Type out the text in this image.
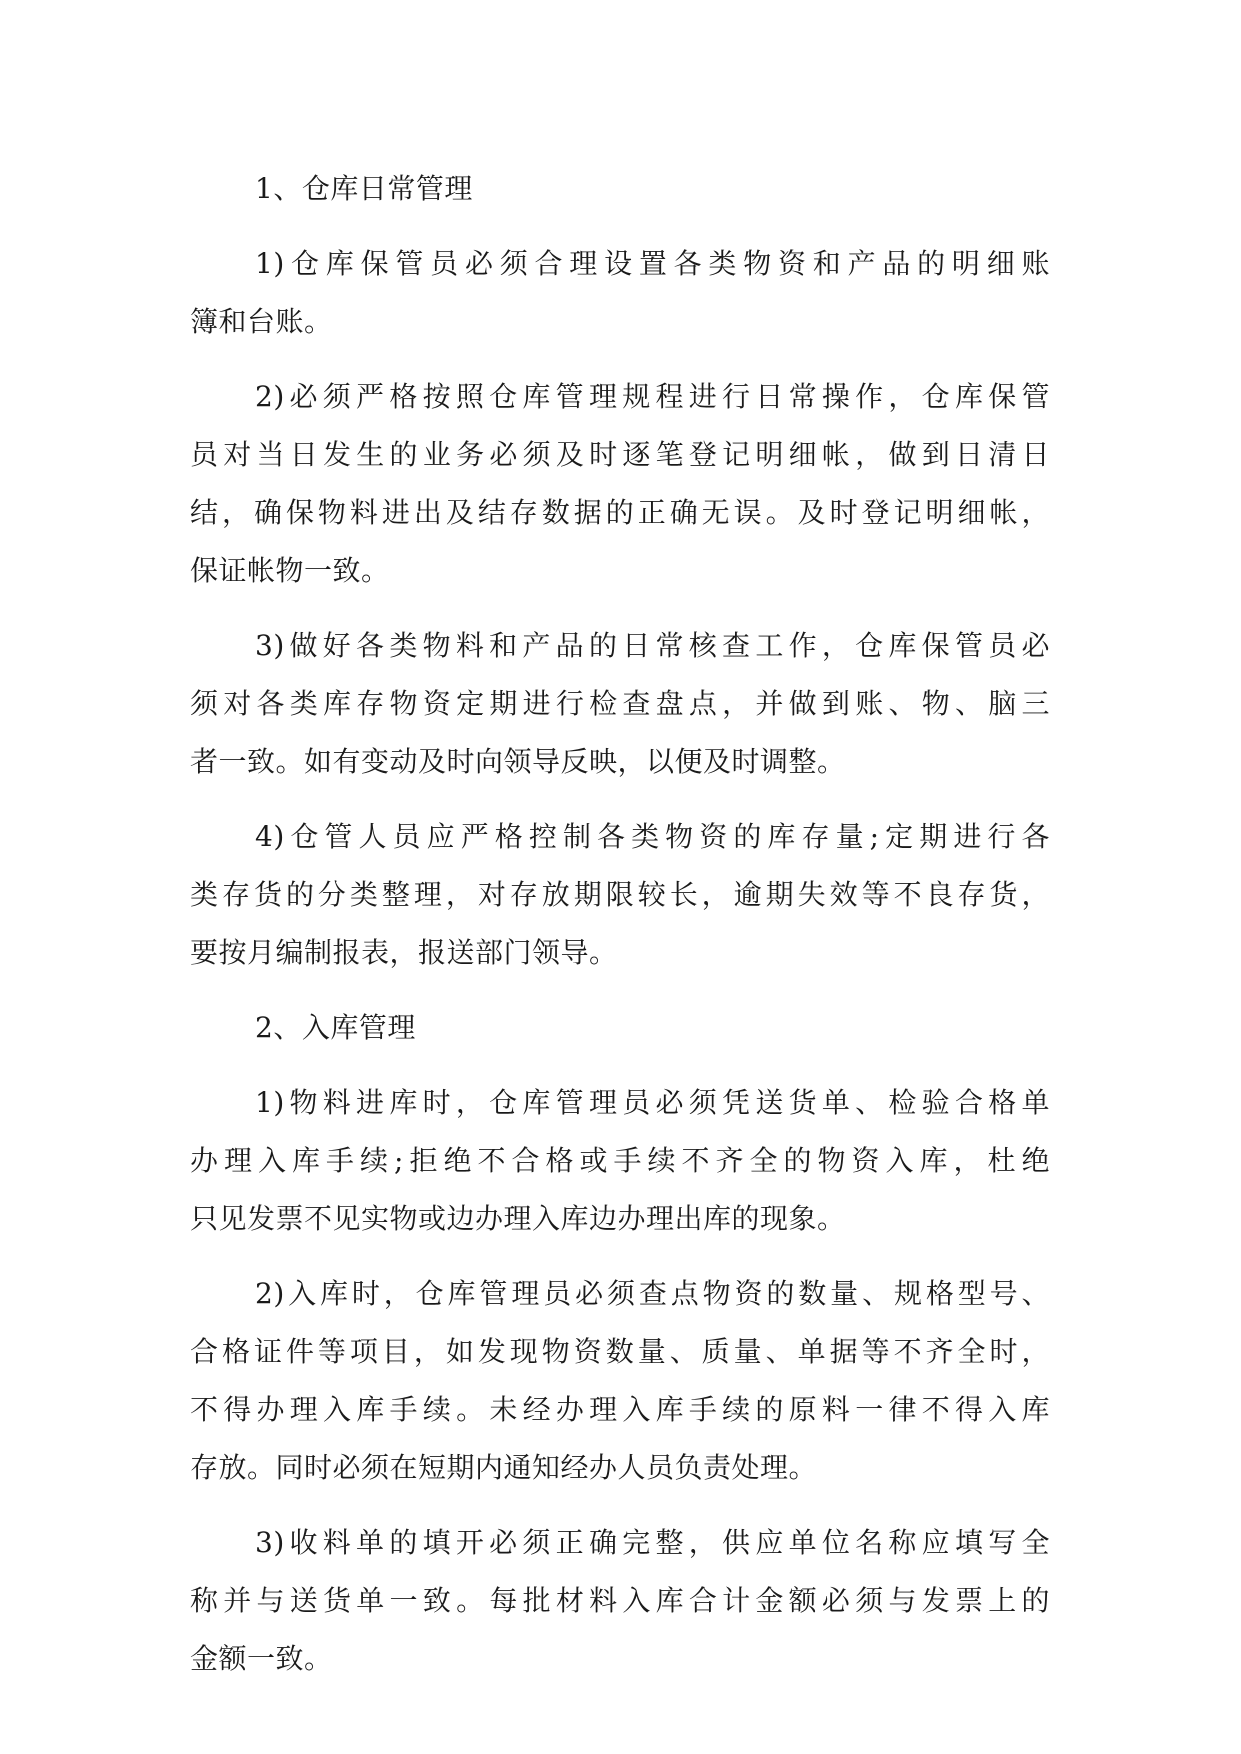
1、仓库日常管理
1)仓库保管员必须合理设置各类物资和产品的明细账
簿和台账。
2)必须严格按照仓库管理规程进行日常操作，仓库保管
员对当日发生的业务必须及时逐笔登记明细帐，做到日清日
结，确保物料进出及结存数据的正确无误。及时登记明细帐，
保证帐物一致。
3)做好各类物料和产品的日常核查工作，仓库保管员必
须对各类库存物资定期进行检查盘点，并做到账、物、脑三
者一致。如有变动及时向领导反映，以便及时调整。
4)仓管人员应严格控制各类物资的库存量;定期进行各
类存货的分类整理，对存放期限较长，逾期失效等不良存货，
要按月编制报表，报送部门领导。
2、入库管理
1)物料进库时，仓库管理员必须凭送货单、检验合格单
办理入库手续;拒绝不合格或手续不齐全的物资入库，杜绝
只见发票不见实物或边办理入库边办理出库的现象。
2)入库时，仓库管理员必须查点物资的数量、规格型号、
合格证件等项目，如发现物资数量、质量、单据等不齐全时，
不得办理入库手续。未经办理入库手续的原料一律不得入库
存放。同时必须在短期内通知经办人员负责处理。
3)收料单的填开必须正确完整，供应单位名称应填写全
称并与送货单一致。每批材料入库合计金额必须与发票上的
金额一致。
